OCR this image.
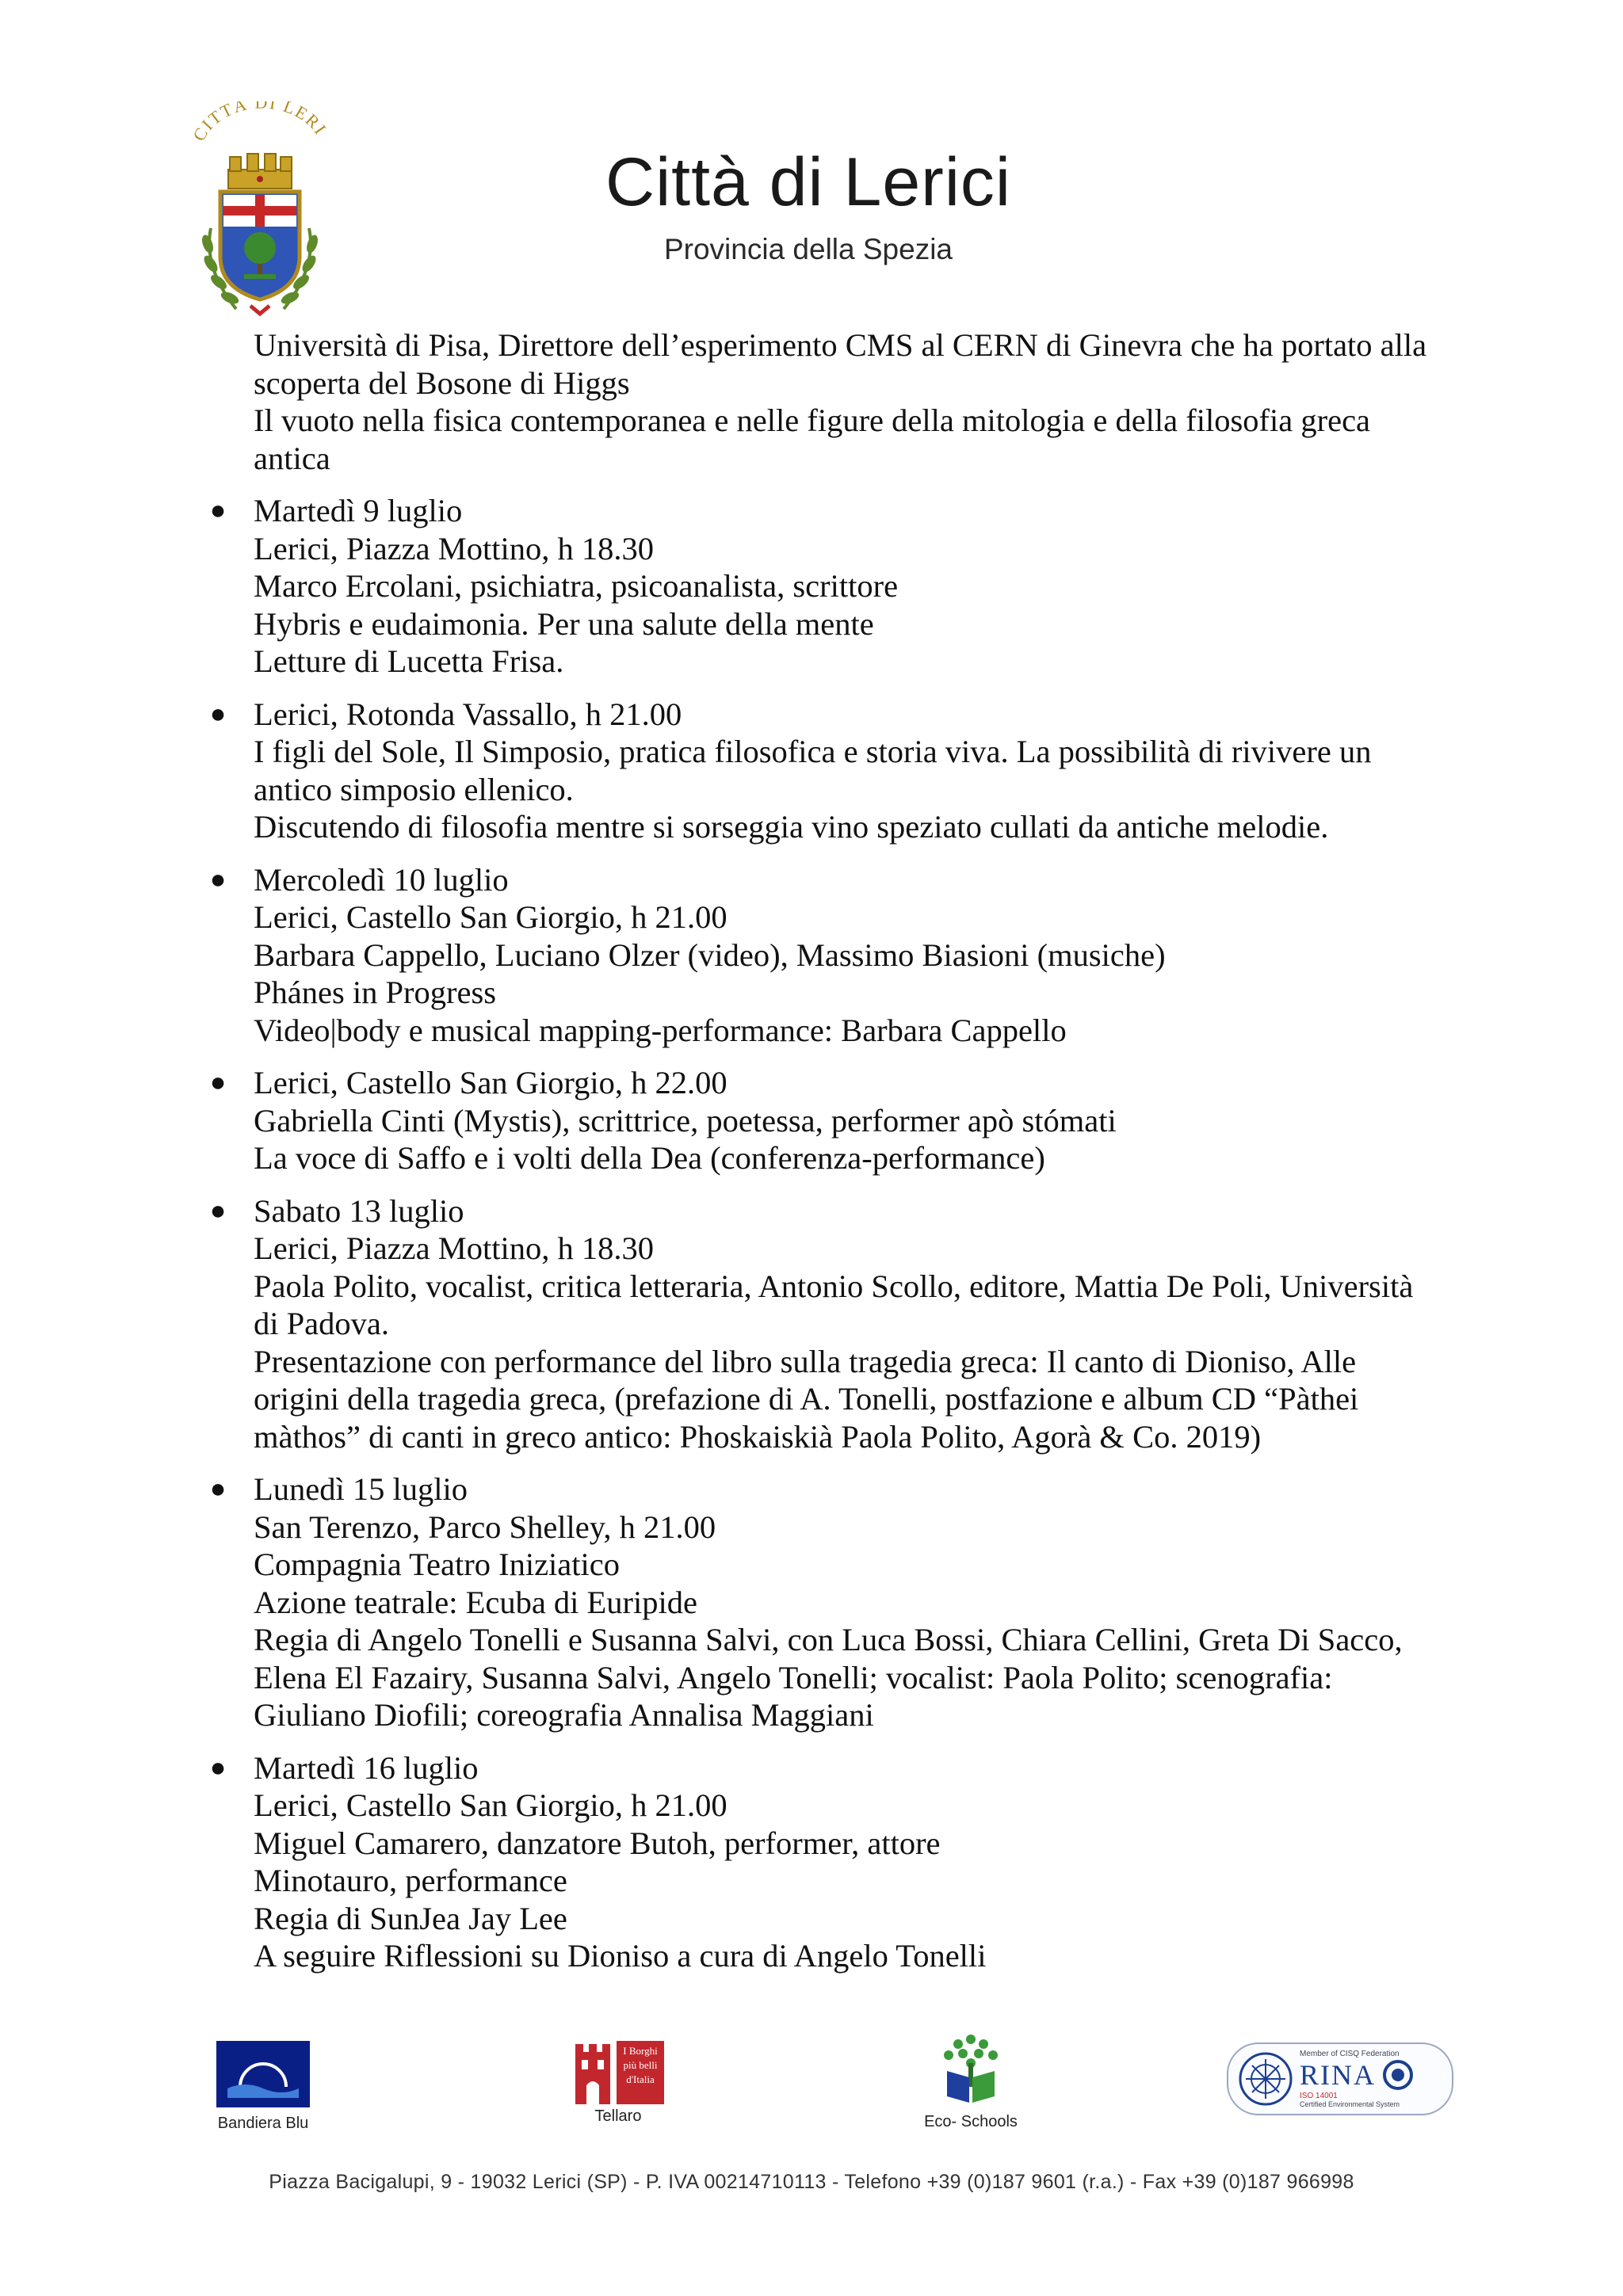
CITTÀ DI LERI
Città di Lerici
Provincia della Spezia
Università di Pisa, Direttore dell’esperimento CMS al CERN di Ginevra che ha portato alla
scoperta del Bosone di Higgs
Il vuoto nella fisica contemporanea e nelle figure della mitologia e della filosofia greca
antica
● Martedì 9 luglio
Lerici, Piazza Mottino, h 18.30
Marco Ercolani, psichiatra, psicoanalista, scrittore
Hybris e eudaimonia. Per una salute della mente
Letture di Lucetta Frisa.
● Lerici, Rotonda Vassallo, h 21.00
I figli del Sole, Il Simposio, pratica filosofica e storia viva. La possibilità di rivivere un
antico simposio ellenico.
Discutendo di filosofia mentre si sorseggia vino speziato cullati da antiche melodie.
● Mercoledì 10 luglio
Lerici, Castello San Giorgio, h 21.00
Barbara Cappello, Luciano Olzer (video), Massimo Biasioni (musiche)
Phánes in Progress
Video|body e musical mapping-performance: Barbara Cappello
● Lerici, Castello San Giorgio, h 22.00
Gabriella Cinti (Mystis), scrittrice, poetessa, performer apò stómati
La voce di Saffo e i volti della Dea (conferenza-performance)
● Sabato 13 luglio
Lerici, Piazza Mottino, h 18.30
Paola Polito, vocalist, critica letteraria, Antonio Scollo, editore, Mattia De Poli, Università
di Padova.
Presentazione con performance del libro sulla tragedia greca: Il canto di Dioniso, Alle
origini della tragedia greca, (prefazione di A. Tonelli, postfazione e album CD “Pàthei
màthos” di canti in greco antico: Phoskaiskià Paola Polito, Agorà & Co. 2019)
● Lunedì 15 luglio
San Terenzo, Parco Shelley, h 21.00
Compagnia Teatro Iniziatico
Azione teatrale: Ecuba di Euripide
Regia di Angelo Tonelli e Susanna Salvi, con Luca Bossi, Chiara Cellini, Greta Di Sacco,
Elena El Fazairy, Susanna Salvi, Angelo Tonelli; vocalist: Paola Polito; scenografia:
Giuliano Diofili; coreografia Annalisa Maggiani
● Martedì 16 luglio
Lerici, Castello San Giorgio, h 21.00
Miguel Camarero, danzatore Butoh, performer, attore
Minotauro, performance
Regia di SunJea Jay Lee
A seguire Riflessioni su Dioniso a cura di Angelo Tonelli
Bandiera Blu
I Borghi
più belli
d'Italia
Tellaro	Eco- Schools
Member of CISQ Federation
RINA
ISO 14001
Certified Environmental System
Piazza Bacigalupi, 9 - 19032 Lerici (SP) - P. IVA 00214710113 - Telefono +39 (0)187 9601 (r.a.) - Fax +39 (0)187 966998
